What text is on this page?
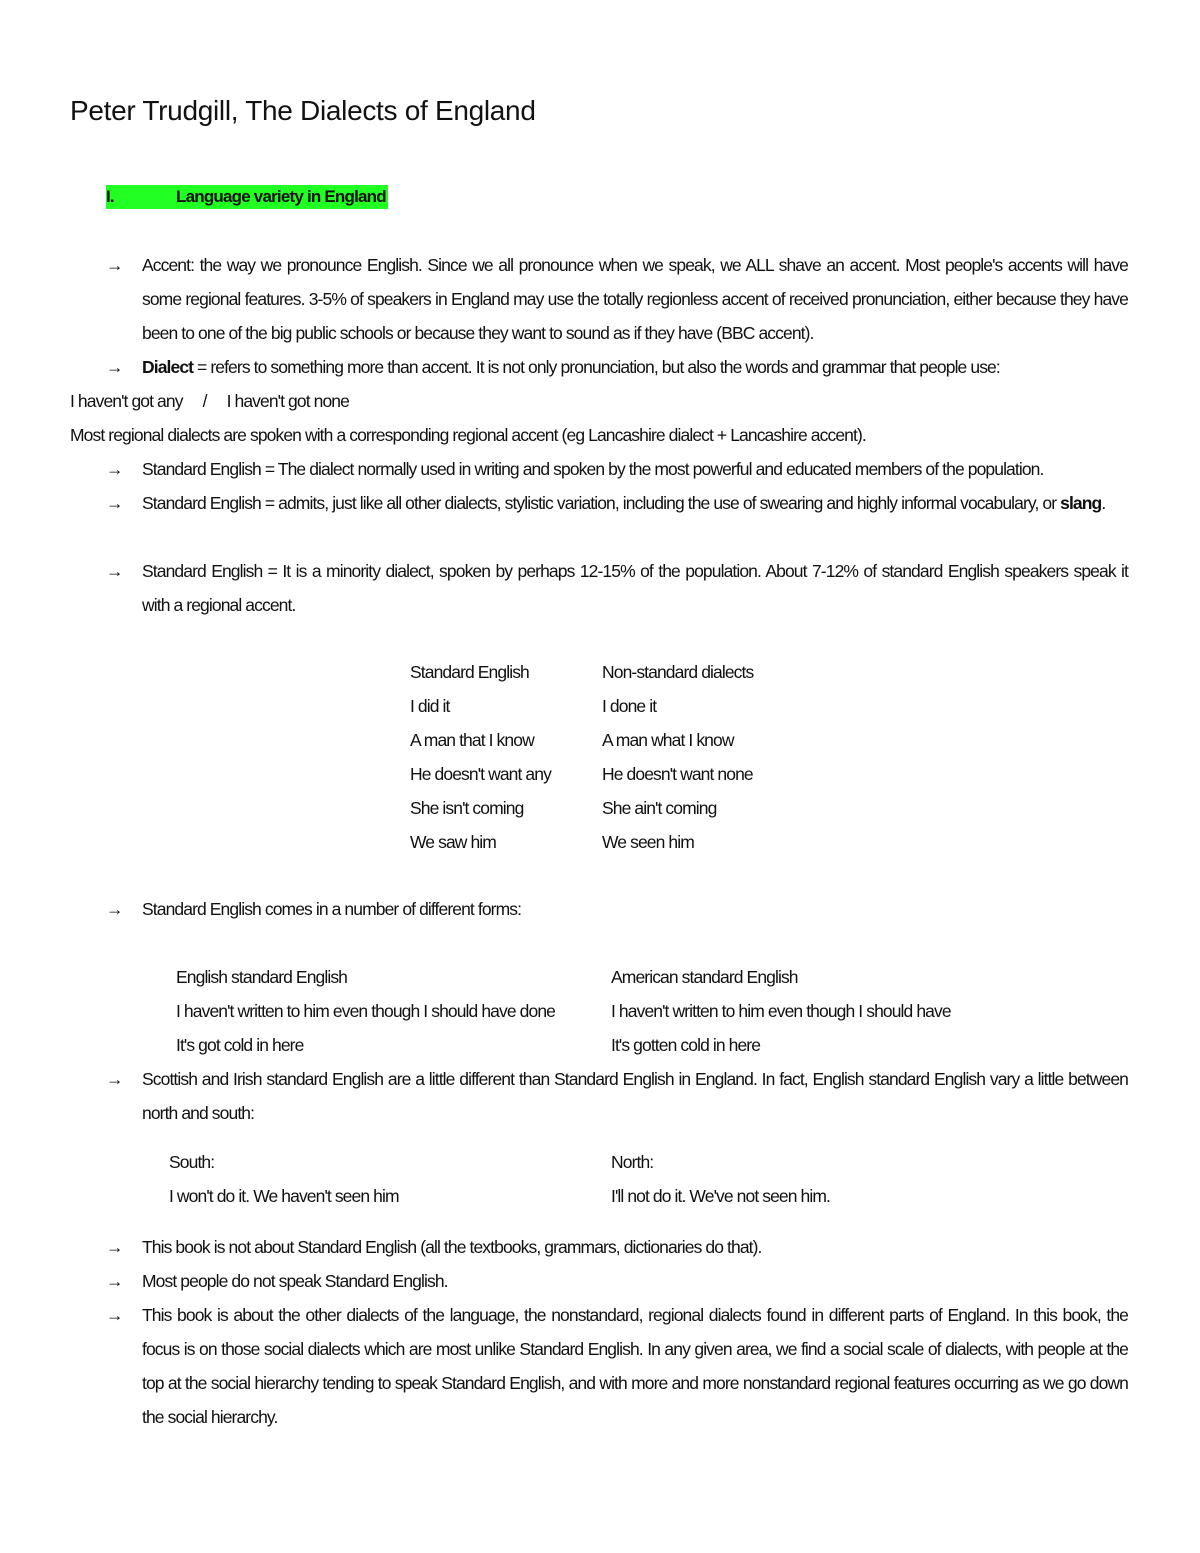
Peter Trudgill, The Dialects of England
I.	Language variety in England
→	Accent: the way we pronounce English. Since we all pronounce when we speak, we ALL shave an accent. Most people's accents will have some regional features. 3-5% of speakers in England may use the totally regionless accent of received pronunciation, either because they have been to one of the big public schools or because they want to sound as if they have (BBC accent).
→	Dialect = refers to something more than accent. It is not only pronunciation, but also the words and grammar that people use:
I haven't got any / I haven't got none
Most regional dialects are spoken with a corresponding regional accent (eg Lancashire dialect + Lancashire accent).
→	Standard English = The dialect normally used in writing and spoken by the most powerful and educated members of the population.
→	Standard English = admits, just like all other dialects, stylistic variation, including the use of swearing and highly informal vocabulary, or slang.
→	Standard English = It is a minority dialect, spoken by perhaps 12-15% of the population. About 7-12% of standard English speakers speak it with a regional accent.
Standard English	Non-standard dialects
I did it	I done it
A man that I know	A man what I know
He doesn't want any	He doesn't want none
She isn't coming	She ain't coming
We saw him	We seen him
→	Standard English comes in a number of different forms:
English standard English	American standard English
I haven't written to him even though I should have done	I haven't written to him even though I should have
It's got cold in here	It's gotten cold in here
→	Scottish and Irish standard English are a little different than Standard English in England. In fact, English standard English vary a little between north and south:
South:	North:
I won't do it. We haven't seen him	I'll not do it. We've not seen him.
→	This book is not about Standard English (all the textbooks, grammars, dictionaries do that).
→	Most people do not speak Standard English.
→	This book is about the other dialects of the language, the nonstandard, regional dialects found in different parts of England. In this book, the focus is on those social dialects which are most unlike Standard English. In any given area, we find a social scale of dialects, with people at the top at the social hierarchy tending to speak Standard English, and with more and more nonstandard regional features occurring as we go down the social hierarchy.
